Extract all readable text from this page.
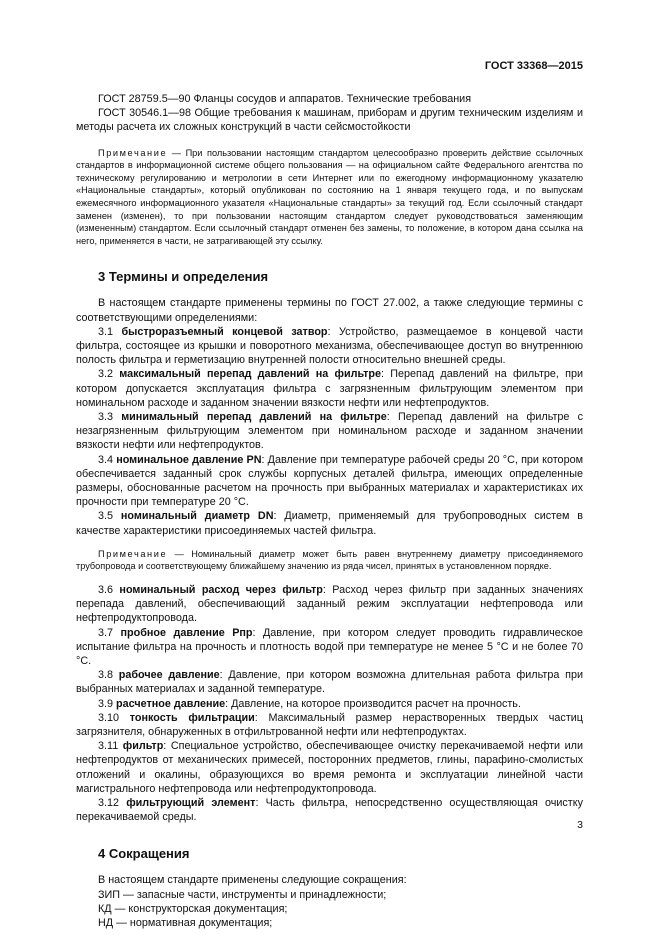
ГОСТ 33368—2015

ГОСТ 28759.5—90 Фланцы сосудов и аппаратов. Технические требования

ГОСТ 30546.1—98 Общие требования к машинам, приборам и другим техническим изделиям и методы расчета их сложных конструкций в части сейсмостойкости

Примечание — При пользовании настоящим стандартом целесообразно проверить действие ссылочных стандартов в информационной системе общего пользования — на официальном сайте Федерального агентства по техническому регулированию и метрологии в сети Интернет или по ежегодному информационному указателю «Национальные стандарты», который опубликован по состоянию на 1 января текущего года, и по выпускам ежемесячного информационного указателя «Национальные стандарты» за текущий год. Если ссылочный стандарт заменен (изменен), то при пользовании настоящим стандартом следует руководствоваться заменяющим (измененным) стандартом. Если ссылочный стандарт отменен без замены, то положение, в котором дана ссылка на него, применяется в части, не затрагивающей эту ссылку.

3 Термины и определения

В настоящем стандарте применены термины по ГОСТ 27.002, а также следующие термины с соответствующими определениями:

3.1 быстроразъемный концевой затвор: Устройство, размещаемое в концевой части фильтра, состоящее из крышки и поворотного механизма, обеспечивающее доступ во внутреннюю полость фильтра и герметизацию внутренней полости относительно внешней среды.

3.2 максимальный перепад давлений на фильтре: Перепад давлений на фильтре, при котором допускается эксплуатация фильтра с загрязненным фильтрующим элементом при номинальном расходе и заданном значении вязкости нефти или нефтепродуктов.

3.3 минимальный перепад давлений на фильтре: Перепад давлений на фильтре с незагрязненным фильтрующим элементом при номинальном расходе и заданном значении вязкости нефти или нефтепродуктов.

3.4 номинальное давление PN: Давление при температуре рабочей среды 20 °С, при котором обеспечивается заданный срок службы корпусных деталей фильтра, имеющих определенные размеры, обоснованные расчетом на прочность при выбранных материалах и характеристиках их прочности при температуре 20 °С.

3.5 номинальный диаметр DN: Диаметр, применяемый для трубопроводных систем в качестве характеристики присоединяемых частей фильтра.

Примечание — Номинальный диаметр может быть равен внутреннему диаметру присоединяемого трубопровода и соответствующему ближайшему значению из ряда чисел, принятых в установленном порядке.

3.6 номинальный расход через фильтр: Расход через фильтр при заданных значениях перепада давлений, обеспечивающий заданный режим эксплуатации нефтепровода или нефтепродуктопровода.

3.7 пробное давление Pпр: Давление, при котором следует проводить гидравлическое испытание фильтра на прочность и плотность водой при температуре не менее 5 °С и не более 70 °С.

3.8 рабочее давление: Давление, при котором возможна длительная работа фильтра при выбранных материалах и заданной температуре.

3.9 расчетное давление: Давление, на которое производится расчет на прочность.

3.10 тонкость фильтрации: Максимальный размер нерастворенных твердых частиц загрязнителя, обнаруженных в отфильтрованной нефти или нефтепродуктах.

3.11 фильтр: Специальное устройство, обеспечивающее очистку перекачиваемой нефти или нефтепродуктов от механических примесей, посторонних предметов, глины, парафино-смолистых отложений и окалины, образующихся во время ремонта и эксплуатации линейной части магистрального нефтепровода или нефтепродуктопровода.

3.12 фильтрующий элемент: Часть фильтра, непосредственно осуществляющая очистку перекачиваемой среды.

4 Сокращения

В настоящем стандарте применены следующие сокращения:

ЗИП — запасные части, инструменты и принадлежности;

КД — конструкторская документация;

НД — нормативная документация;

3
